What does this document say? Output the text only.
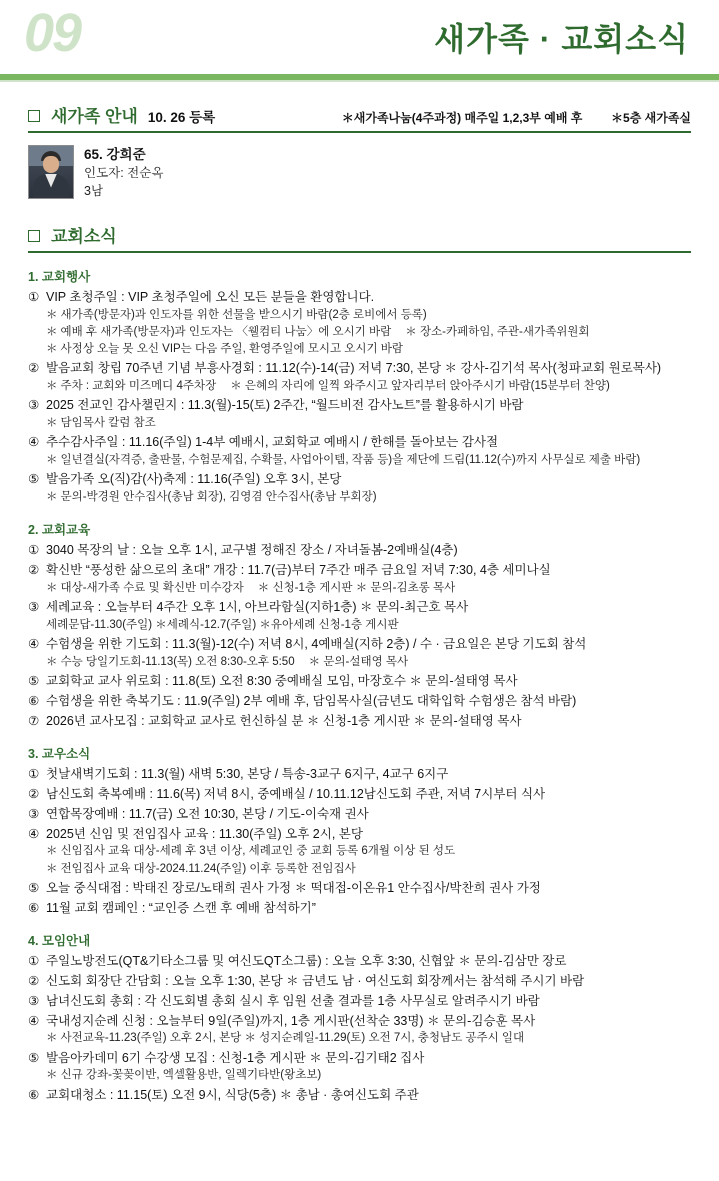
09	새가족 · 교회소식
새가족 안내 10. 26 등록	＊새가족나눔(4주과정) 매주일 1,2,3부 예배 후 ＊5층 새가족실
65. 강희준
인도자: 전순옥
3남
교회소식
1. 교회행사
① VIP 초청주일 : VIP 초청주일에 오신 모든 분들을 환영합니다.
＊ 새가족(방문자)과 인도자를 위한 선물을 받으시기 바람(2층 로비에서 등록)
＊ 예배 후 새가족(방문자)과 인도자는 〈웰컴티 나눔〉에 오시기 바람 ＊ 장소-카페하임, 주관-새가족위원회
＊ 사정상 오늘 못 오신 VIP는 다음 주일, 환영주일에 모시고 오시기 바람
② 발음교회 창립 70주년 기념 부흥사경회 : 11.12(수)-14(금) 저녁 7:30, 본당 ＊ 강사-김기석 목사(청파교회 원로목사)
＊ 주차 : 교회와 미즈메디 4주차장 ＊ 은혜의 자리에 일찍 와주시고 앞자리부터 앉아주시기 바람(15분부터 찬양)
③ 2025 전교인 감사챌린지 : 11.3(월)-15(토) 2주간, “월드비전 감사노트”를 활용하시기 바람
＊ 담임목사 칼럼 참조
④ 추수감사주일 : 11.16(주일) 1-4부 예배시, 교회학교 예배시 / 한해를 돌아보는 감사절
＊ 일년결실(자격증, 출판물, 수험문제집, 수확물, 사업아이템, 작품 등)을 제단에 드림(11.12(수)까지 사무실로 제출 바람)
⑤ 발음가족 오(직)감(사)축제 : 11.16(주일) 오후 3시, 본당
＊ 문의-박경원 안수집사(총남 회장), 김영겸 안수집사(총남 부회장)
2. 교회교육
① 3040 목장의 날 : 오늘 오후 1시, 교구별 정해진 장소 / 자녀돌봄-2예배실(4층)
② 확신반 “풍성한 삶으로의 초대” 개강 : 11.7(금)부터 7주간 매주 금요일 저녁 7:30, 4층 세미나실
＊ 대상-새가족 수료 및 확신반 미수강자 ＊ 신청-1층 게시판 ＊ 문의-김초롱 목사
③ 세례교육 : 오늘부터 4주간 오후 1시, 아브라함실(지하1층) ＊ 문의-최근호 목사
세례문답-11.30(주일) ＊세례식-12.7(주일) ＊유아세례 신청-1층 게시판
④ 수험생을 위한 기도회 : 11.3(월)-12(수) 저녁 8시, 4예배실(지하 2층) / 수 · 금요일은 본당 기도회 참석
＊ 수능 당일기도회-11.13(목) 오전 8:30-오후 5:50 ＊ 문의-설태영 목사
⑤ 교회학교 교사 위로회 : 11.8(토) 오전 8:30 중예배실 모임, 마장호수 ＊ 문의-설태영 목사
⑥ 수험생을 위한 축복기도 : 11.9(주일) 2부 예배 후, 담임목사실(금년도 대학입학 수험생은 참석 바람)
⑦ 2026년 교사모집 : 교회학교 교사로 헌신하실 분 ＊ 신청-1층 게시판 ＊ 문의-설태영 목사
3. 교우소식
① 첫날새벽기도회 : 11.3(월) 새벽 5:30, 본당 / 특송-3교구 6지구, 4교구 6지구
② 남신도회 축복예배 : 11.6(목) 저녁 8시, 중예배실 / 10.11.12남신도회 주관, 저녁 7시부터 식사
③ 연합목장예배 : 11.7(금) 오전 10:30, 본당 / 기도-이숙재 권사
④ 2025년 신임 및 전임집사 교육 : 11.30(주일) 오후 2시, 본당
＊ 신임집사 교육 대상-세례 후 3년 이상, 세례교인 중 교회 등록 6개월 이상 된 성도
＊ 전임집사 교육 대상-2024.11.24(주일) 이후 등록한 전임집사
⑤ 오늘 중식대접 : 박태진 장로/노태희 권사 가정 ＊ 떡대접-이온유1 안수집사/박찬희 권사 가정
⑥ 11월 교회 캠페인 : “교인증 스캔 후 예배 참석하기”
4. 모임안내
① 주일노방전도(QT&기타소그룹 및 여신도QT소그룹) : 오늘 오후 3:30, 신협앞 ＊ 문의-김삼만 장로
② 신도회 회장단 간담회 : 오늘 오후 1:30, 본당 ＊ 금년도 남 · 여신도회 회장께서는 참석해 주시기 바람
③ 남녀신도회 총회 : 각 신도회별 총회 실시 후 임원 선출 결과를 1층 사무실로 알려주시기 바람
④ 국내성지순례 신청 : 오늘부터 9일(주일)까지, 1층 게시판(선착순 33명) ＊ 문의-김승훈 목사
＊ 사전교육-11.23(주일) 오후 2시, 본당 ＊ 성지순례일-11.29(토) 오전 7시, 충청남도 공주시 일대
⑤ 발음아카데미 6기 수강생 모집 : 신청-1층 게시판 ＊ 문의-김기태2 집사
＊ 신규 강좌-꽃꽂이반, 엑셀활용반, 일렉기타반(왕초보)
⑥ 교회대청소 : 11.15(토) 오전 9시, 식당(5층) ＊ 총남 · 총여신도회 주관
